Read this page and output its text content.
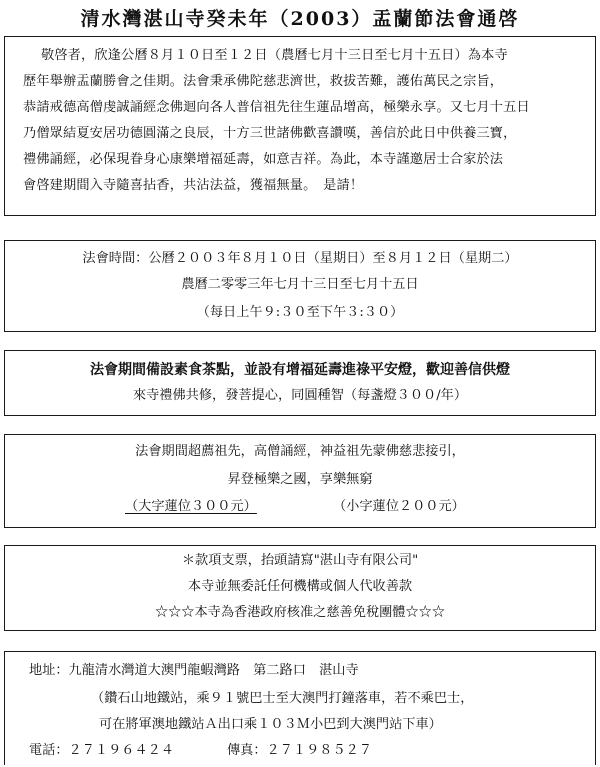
清水灣湛山寺癸未年（2003）盂蘭節法會通啓
敬啓者，欣逢公曆８月１０日至１２日（農曆七月十三日至七月十五日）為本寺
歷年舉辦盂蘭勝會之佳期。法會秉承佛陀慈悲濟世，救拔苦難，護佑萬民之宗旨，
恭請戒德高僧虔誠誦經念佛迴向各人普信祖先往生蓮品增高，極樂永享。又七月十五日
乃僧眾結夏安居功德圓滿之良辰，十方三世諸佛歡喜讚嘆，善信於此日中供養三寶，
禮佛誦經，必保現眷身心康樂增福延壽，如意吉祥。為此，本寺謹邀居士合家於法
會啓建期間入寺隨喜拈香，共沾法益，獲福無量。　是請！
法會時間：公曆２００３年８月１０日（星期日）至８月１２日（星期二）
農曆二零零三年七月十三日至七月十五日
（每日上午９:３０至下午３:３０）
法會期間備設素食茶點，並設有增福延壽進祿平安燈，歡迎善信供燈
來寺禮佛共修，發菩提心，同圓種智（每盞燈３００/年）
法會期間超薦祖先，高僧誦經，神益祖先蒙佛慈悲接引，
昇登極樂之國，享樂無窮
（大字蓮位３００元）	（小字蓮位２００元）
＊款項支票，抬頭請寫"湛山寺有限公司"
本寺並無委託任何機構或個人代收善款
☆☆☆本寺為香港政府核准之慈善免稅團體☆☆☆
地址：九龍清水灣道大澳門龍蝦灣路　第二路口　湛山寺
（鑽石山地鐵站，乘９１號巴士至大澳門打鐘落車，若不乘巴士，
可在將軍澳地鐵站Ａ出口乘１０３Ｍ小巴到大澳門站下車）
電話：２７１９６４２４	傳真：２７１９８５２７
